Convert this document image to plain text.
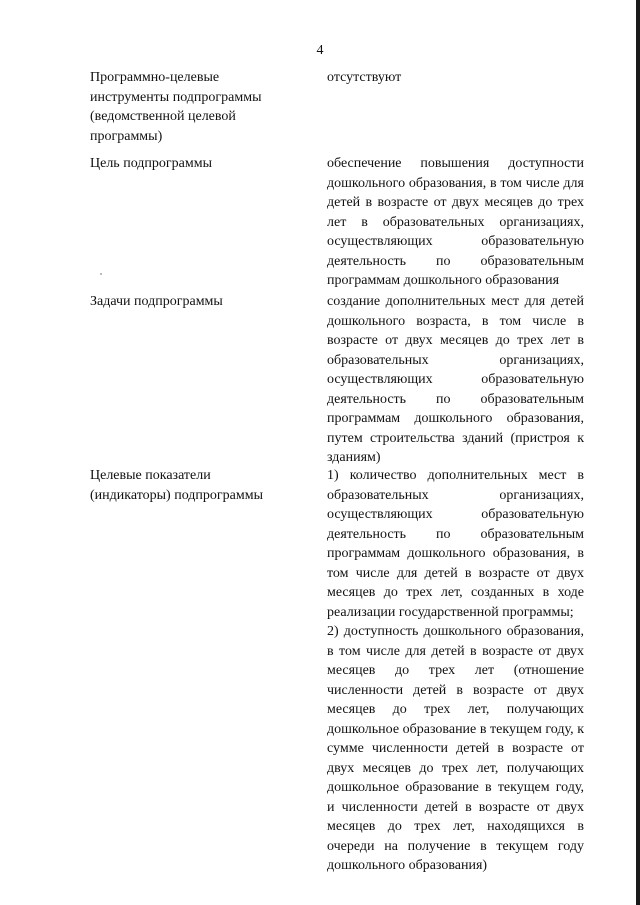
4
Программно-целевые
инструменты подпрограммы
(ведомственной целевой
программы)

отсутствуют

Цель подпрограммы	обеспечение повышения доступности дошкольного образования, в том числе для детей в возрасте от двух месяцев до трех лет в образовательных организациях, осуществляющих образовательную деятельность по образовательным программам дошкольного образования

Задачи подпрограммы	создание дополнительных мест для детей дошкольного возраста, в том числе в возрасте от двух месяцев до трех лет в образовательных организациях, осуществляющих образовательную деятельность по образовательным программам дошкольного образования, путем строительства зданий (пристроя к зданиям)

Целевые показатели
(индикаторы) подпрограммы

1) количество дополнительных мест в образовательных организациях, осуществляющих образовательную деятельность по образовательным программам дошкольного образования, в том числе для детей в возрасте от двух месяцев до трех лет, созданных в ходе реализации государственной программы;

2) доступность дошкольного образования, в том числе для детей в возрасте от двух месяцев до трех лет (отношение численности детей в возрасте от двух месяцев до трех лет, получающих дошкольное образование в текущем году, к сумме численности детей в возрасте от двух месяцев до трех лет, получающих дошкольное образование в текущем году, и численности детей в возрасте от двух месяцев до трех лет, находящихся в очереди на получение в текущем году дошкольного образования)
